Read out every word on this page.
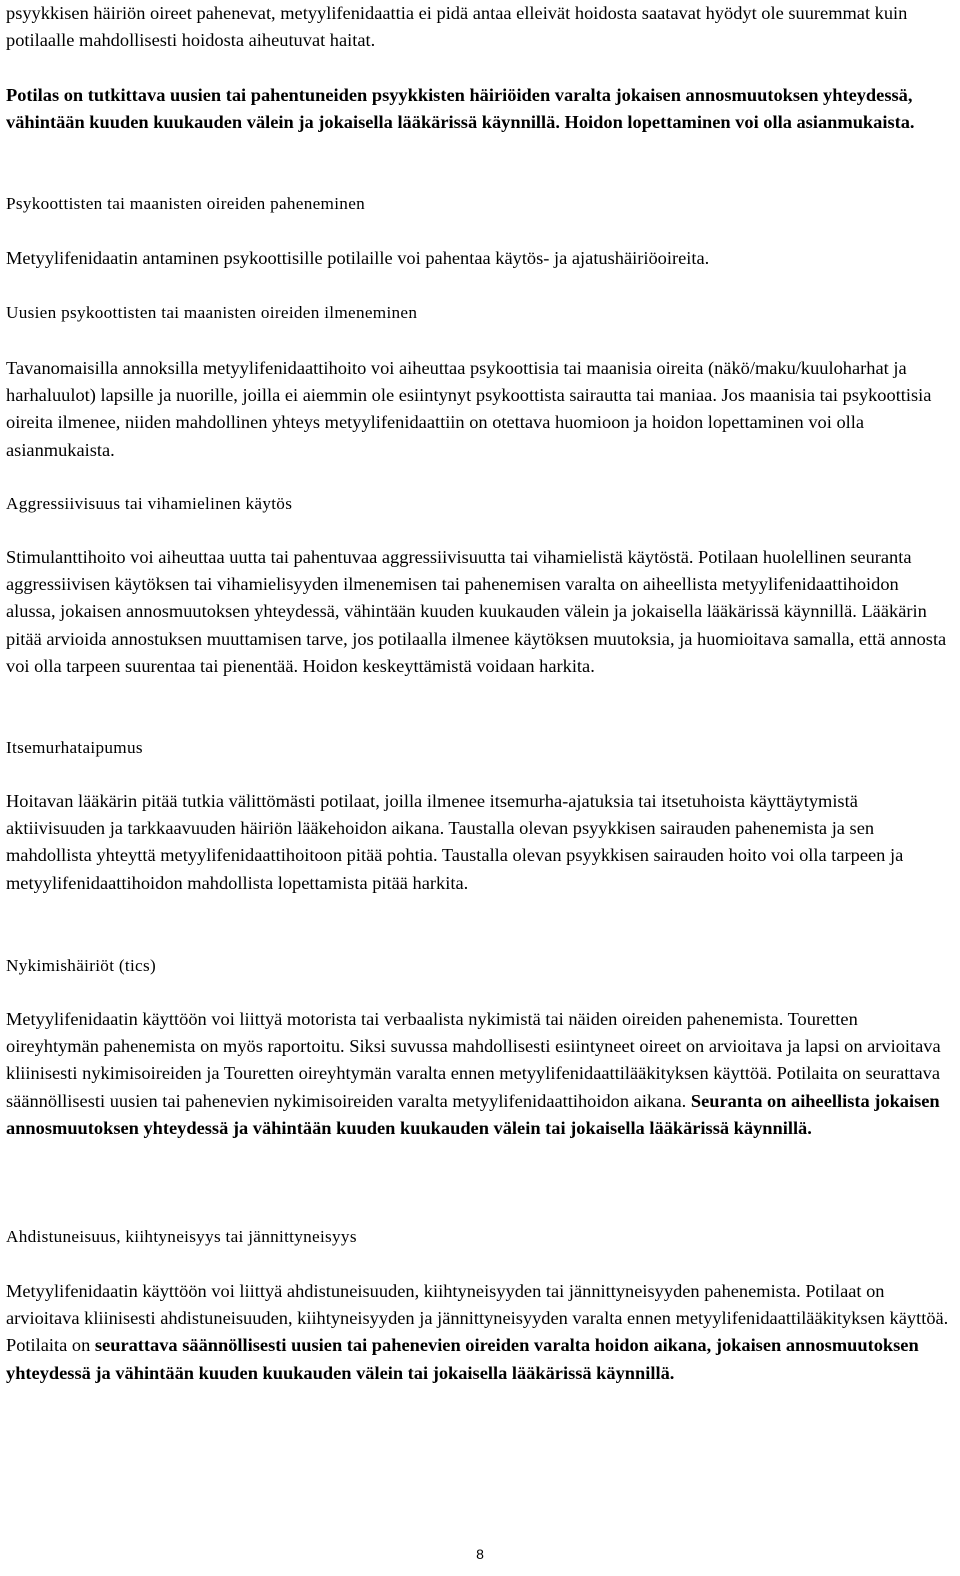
psyykkisen häiriön oireet pahenevat, metyylifenidaattia ei pidä antaa elleivät hoidosta saatavat hyödyt ole suuremmat kuin potilaalle mahdollisesti hoidosta aiheutuvat haitat.

Potilas on tutkittava uusien tai pahentuneiden psyykkisten häiriöiden varalta jokaisen annosmuutoksen yhteydessä, vähintään kuuden kuukauden välein ja jokaisella lääkärissä käynnillä. Hoidon lopettaminen voi olla asianmukaista.

Psykoottisten tai maanisten oireiden paheneminen

Metyylifenidaatin antaminen psykoottisille potilaille voi pahentaa käytös- ja ajatushäiriöoireita.

Uusien psykoottisten tai maanisten oireiden ilmeneminen

Tavanomaisilla annoksilla metyylifenidaattihoito voi aiheuttaa psykoottisia tai maanisia oireita (näkö/maku/kuuloharhat ja harhaluulot) lapsille ja nuorille, joilla ei aiemmin ole esiintynyt psykoottista sairautta tai maniaa. Jos maanisia tai psykoottisia oireita ilmenee, niiden mahdollinen yhteys metyylifenidaattiin on otettava huomioon ja hoidon lopettaminen voi olla asianmukaista.

Aggressiivisuus tai vihamielinen käytös

Stimulanttihoito voi aiheuttaa uutta tai pahentuvaa aggressiivisuutta tai vihamielistä käytöstä. Potilaan huolellinen seuranta aggressiivisen käytöksen tai vihamielisyyden ilmenemisen tai pahenemisen varalta on aiheellista metyylifenidaattihoidon alussa, jokaisen annosmuutoksen yhteydessä, vähintään kuuden kuukauden välein ja jokaisella lääkärissä käynnillä. Lääkärin pitää arvioida annostuksen muuttamisen tarve, jos potilaalla ilmenee käytöksen muutoksia, ja huomioitava samalla, että annosta voi olla tarpeen suurentaa tai pienentää. Hoidon keskeyttämistä voidaan harkita.

Itsemurhataipumus

Hoitavan lääkärin pitää tutkia välittömästi potilaat, joilla ilmenee itsemurha-ajatuksia tai itsetuhoista käyttäytymistä aktiivisuuden ja tarkkaavuuden häiriön lääkehoidon aikana. Taustalla olevan psyykkisen sairauden pahenemista ja sen mahdollista yhteyttä metyylifenidaattihoitoon pitää pohtia. Taustalla olevan psyykkisen sairauden hoito voi olla tarpeen ja metyylifenidaattihoidon mahdollista lopettamista pitää harkita.

Nykimishäiriöt (tics)

Metyylifenidaatin käyttöön voi liittyä motorista tai verbaalista nykimistä tai näiden oireiden pahenemista. Touretten oireyhtymän pahenemista on myös raportoitu. Siksi suvussa mahdollisesti esiintyneet oireet on arvioitava ja lapsi on arvioitava kliinisesti nykimisoireiden ja Touretten oireyhtymän varalta ennen metyylifenidaattilääkityksen käyttöä. Potilaita on seurattava säännöllisesti uusien tai pahenevien nykimisoireiden varalta metyylifenidaattihoidon aikana. Seuranta on aiheellista jokaisen annosmuutoksen yhteydessä ja vähintään kuuden kuukauden välein tai jokaisella lääkärissä käynnillä.

Ahdistuneisuus, kiihtyneisyys tai jännittyneisyys

Metyylifenidaatin käyttöön voi liittyä ahdistuneisuuden, kiihtyneisyyden tai jännittyneisyyden pahenemista. Potilaat on arvioitava kliinisesti ahdistuneisuuden, kiihtyneisyyden ja jännittyneisyyden varalta ennen metyylifenidaattilääkityksen käyttöä. Potilaita on seurattava säännöllisesti uusien tai pahenevien oireiden varalta hoidon aikana, jokaisen annosmuutoksen yhteydessä ja vähintään kuuden kuukauden välein tai jokaisella lääkärissä käynnillä.

8
